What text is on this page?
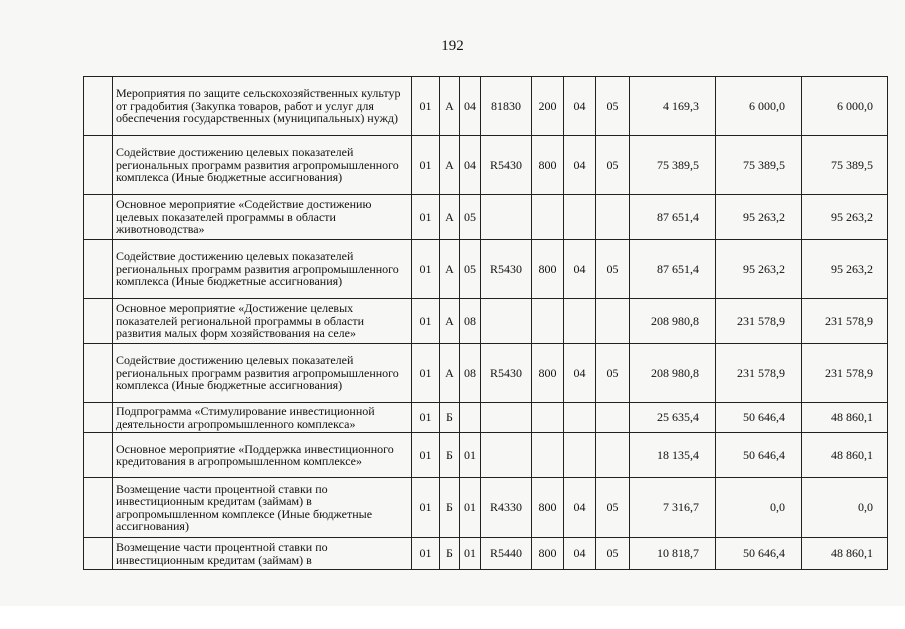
192
	Мероприятия по защите сельскохозяйственных культур от градобития (Закупка товаров, работ и услуг для обеспечения государственных (муниципальных) нужд)	01	А	04	81830	200	04	05	4 169,3	6 000,0	6 000,0
	Содействие достижению целевых показателей региональных программ развития агропромышленного комплекса (Иные бюджетные ассигнования)	01	А	04	R5430	800	04	05	75 389,5	75 389,5	75 389,5
	Основное мероприятие «Содействие достижению целевых показателей программы в области животноводства»	01	А	05					87 651,4	95 263,2	95 263,2
	Содействие достижению целевых показателей региональных программ развития агропромышленного комплекса (Иные бюджетные ассигнования)	01	А	05	R5430	800	04	05	87 651,4	95 263,2	95 263,2
	Основное мероприятие «Достижение целевых показателей региональной программы в области развития малых форм хозяйствования на селе»	01	А	08					208 980,8	231 578,9	231 578,9
	Содействие достижению целевых показателей региональных программ развития агропромышленного комплекса (Иные бюджетные ассигнования)	01	А	08	R5430	800	04	05	208 980,8	231 578,9	231 578,9
	Подпрограмма «Стимулирование инвестиционной деятельности агропромышленного комплекса»	01	Б						25 635,4	50 646,4	48 860,1
	Основное мероприятие «Поддержка инвестиционного кредитования в агропромышленном комплексе»	01	Б	01					18 135,4	50 646,4	48 860,1
	Возмещение части процентной ставки по инвестиционным кредитам (займам) в агропромышленном комплексе (Иные бюджетные ассигнования)	01	Б	01	R4330	800	04	05	7 316,7	0,0	0,0
	Возмещение части процентной ставки по инвестиционным кредитам (займам) в	01	Б	01	R5440	800	04	05	10 818,7	50 646,4	48 860,1
